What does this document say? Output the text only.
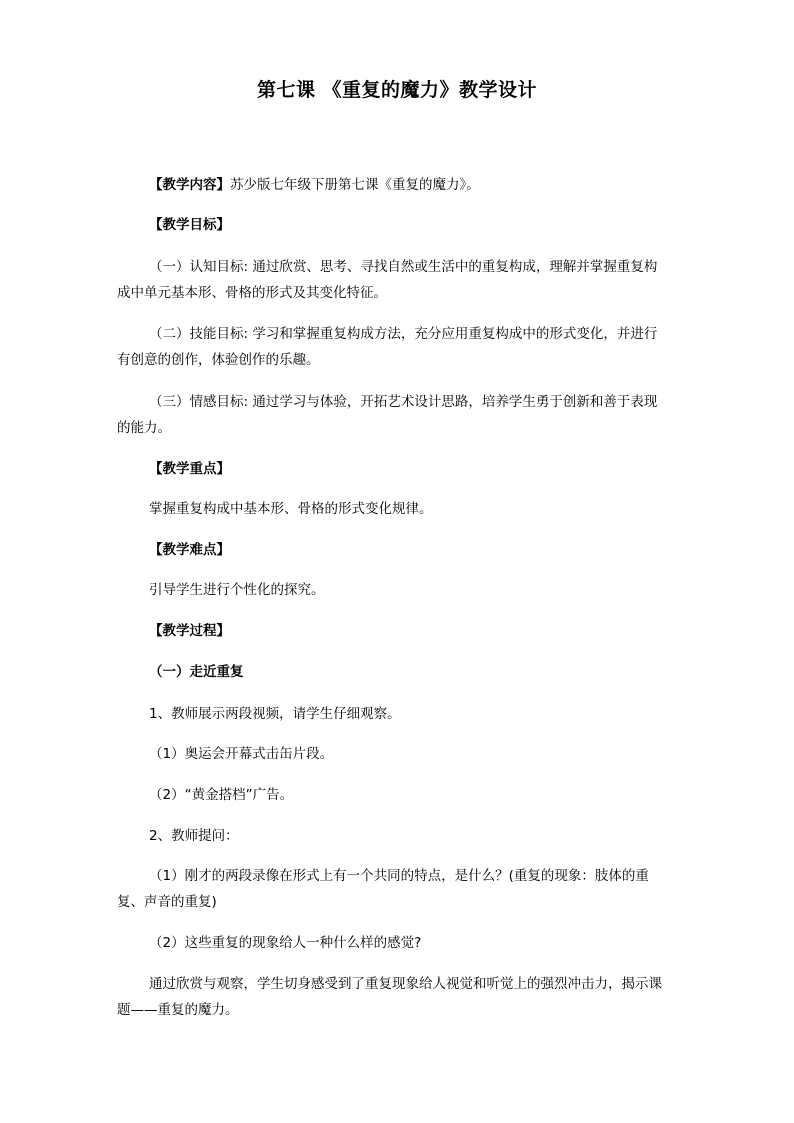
第七课 《重复的魔力》教学设计
【教学内容】苏少版七年级下册第七课《重复的魔力》。
【教学目标】
（一）认知目标: 通过欣赏、思考、寻找自然或生活中的重复构成，理解并掌握重复构
成中单元基本形、骨格的形式及其变化特征。
（二）技能目标: 学习和掌握重复构成方法，充分应用重复构成中的形式变化，并进行
有创意的创作，体验创作的乐趣。
（三）情感目标: 通过学习与体验，开拓艺术设计思路，培养学生勇于创新和善于表现
的能力。
【教学重点】
掌握重复构成中基本形、骨格的形式变化规律。
【教学难点】
引导学生进行个性化的探究。
【教学过程】
（一）走近重复
1、教师展示两段视频，请学生仔细观察。
（1）奥运会开幕式击缶片段。
（2）“黄金搭档”广告。
2、教师提问：
（1）刚才的两段录像在形式上有一个共同的特点，是什么？(重复的现象：肢体的重
复、声音的重复)
（2）这些重复的现象给人一种什么样的感觉?
通过欣赏与观察，学生切身感受到了重复现象给人视觉和听觉上的强烈冲击力，揭示课
题——重复的魔力。
